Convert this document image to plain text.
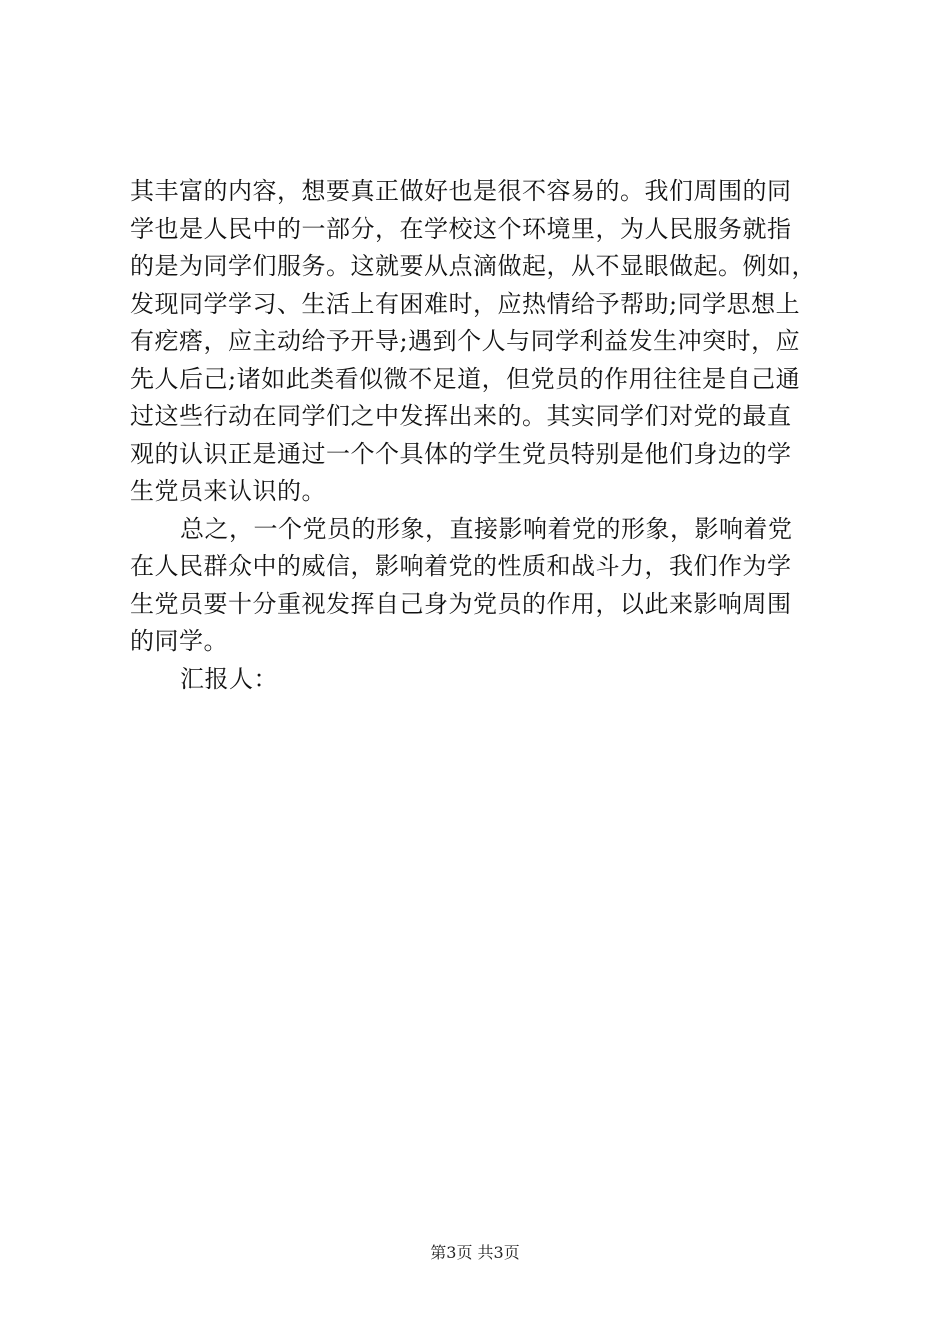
其丰富的内容，想要真正做好也是很不容易的。我们周围的同
学也是人民中的一部分，在学校这个环境里，为人民服务就指
的是为同学们服务。这就要从点滴做起，从不显眼做起。例如，
发现同学学习、生活上有困难时，应热情给予帮助;同学思想上
有疙瘩，应主动给予开导;遇到个人与同学利益发生冲突时，应
先人后己;诸如此类看似微不足道，但党员的作用往往是自己通
过这些行动在同学们之中发挥出来的。其实同学们对党的最直
观的认识正是通过一个个具体的学生党员特别是他们身边的学
生党员来认识的。
总之，一个党员的形象，直接影响着党的形象，影响着党
在人民群众中的威信，影响着党的性质和战斗力，我们作为学
生党员要十分重视发挥自己身为党员的作用，以此来影响周围
的同学。
汇报人：
第3页 共3页
